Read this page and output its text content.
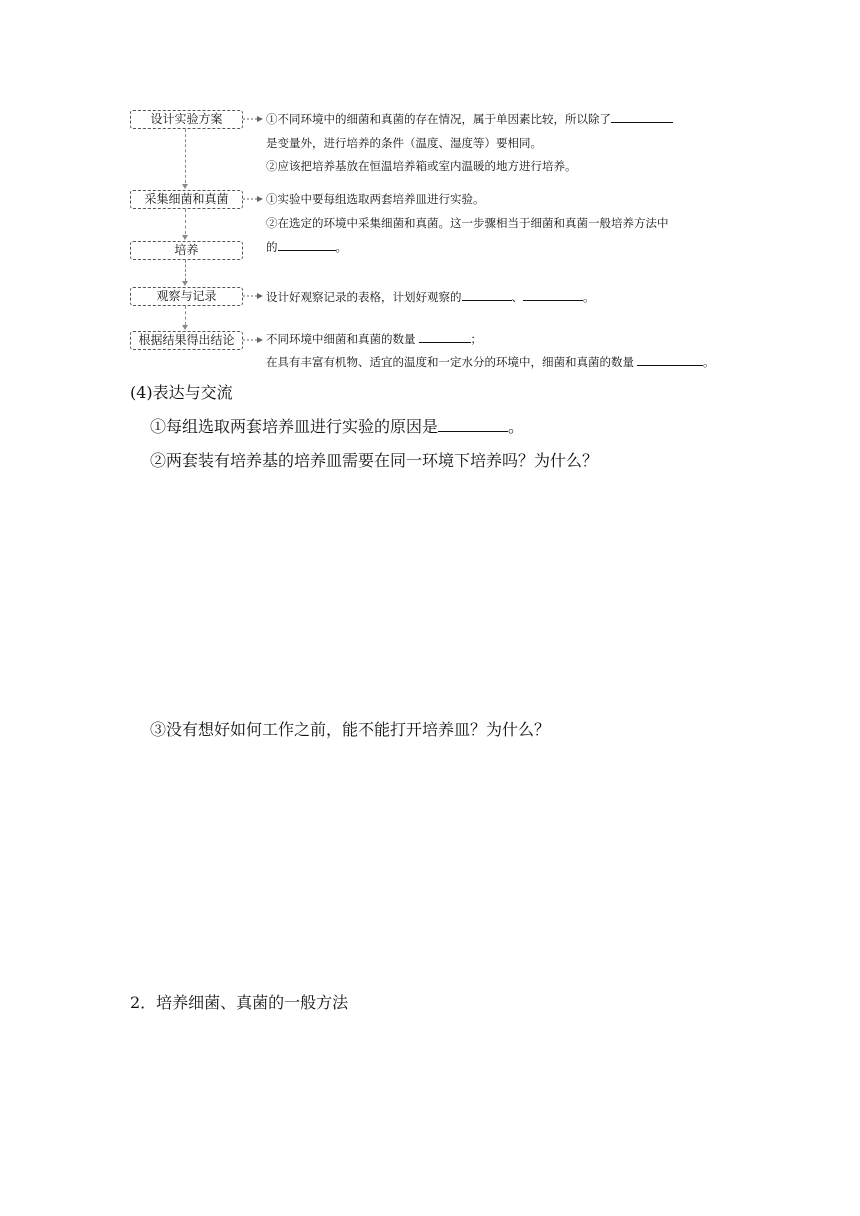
设计实验方案
采集细菌和真菌
培养
观察与记录
根据结果得出结论
①不同环境中的细菌和真菌的存在情况，属于单因素比较，所以除了
是变量外，进行培养的条件（温度、湿度等）要相同。
②应该把培养基放在恒温培养箱或室内温暖的地方进行培养。
①实验中要每组选取两套培养皿进行实验。
②在选定的环境中采集细菌和真菌。这一步骤相当于细菌和真菌一般培养方法中
的	。
设计好观察记录的表格，计划好观察的	、	。
不同环境中细菌和真菌的数量	；
在具有丰富有机物、适宜的温度和一定水分的环境中，细菌和真菌的数量	。
(4)表达与交流
①每组选取两套培养皿进行实验的原因是	。
②两套装有培养基的培养皿需要在同一环境下培养吗？为什么？
③没有想好如何工作之前，能不能打开培养皿？为什么？
2．培养细菌、真菌的一般方法
